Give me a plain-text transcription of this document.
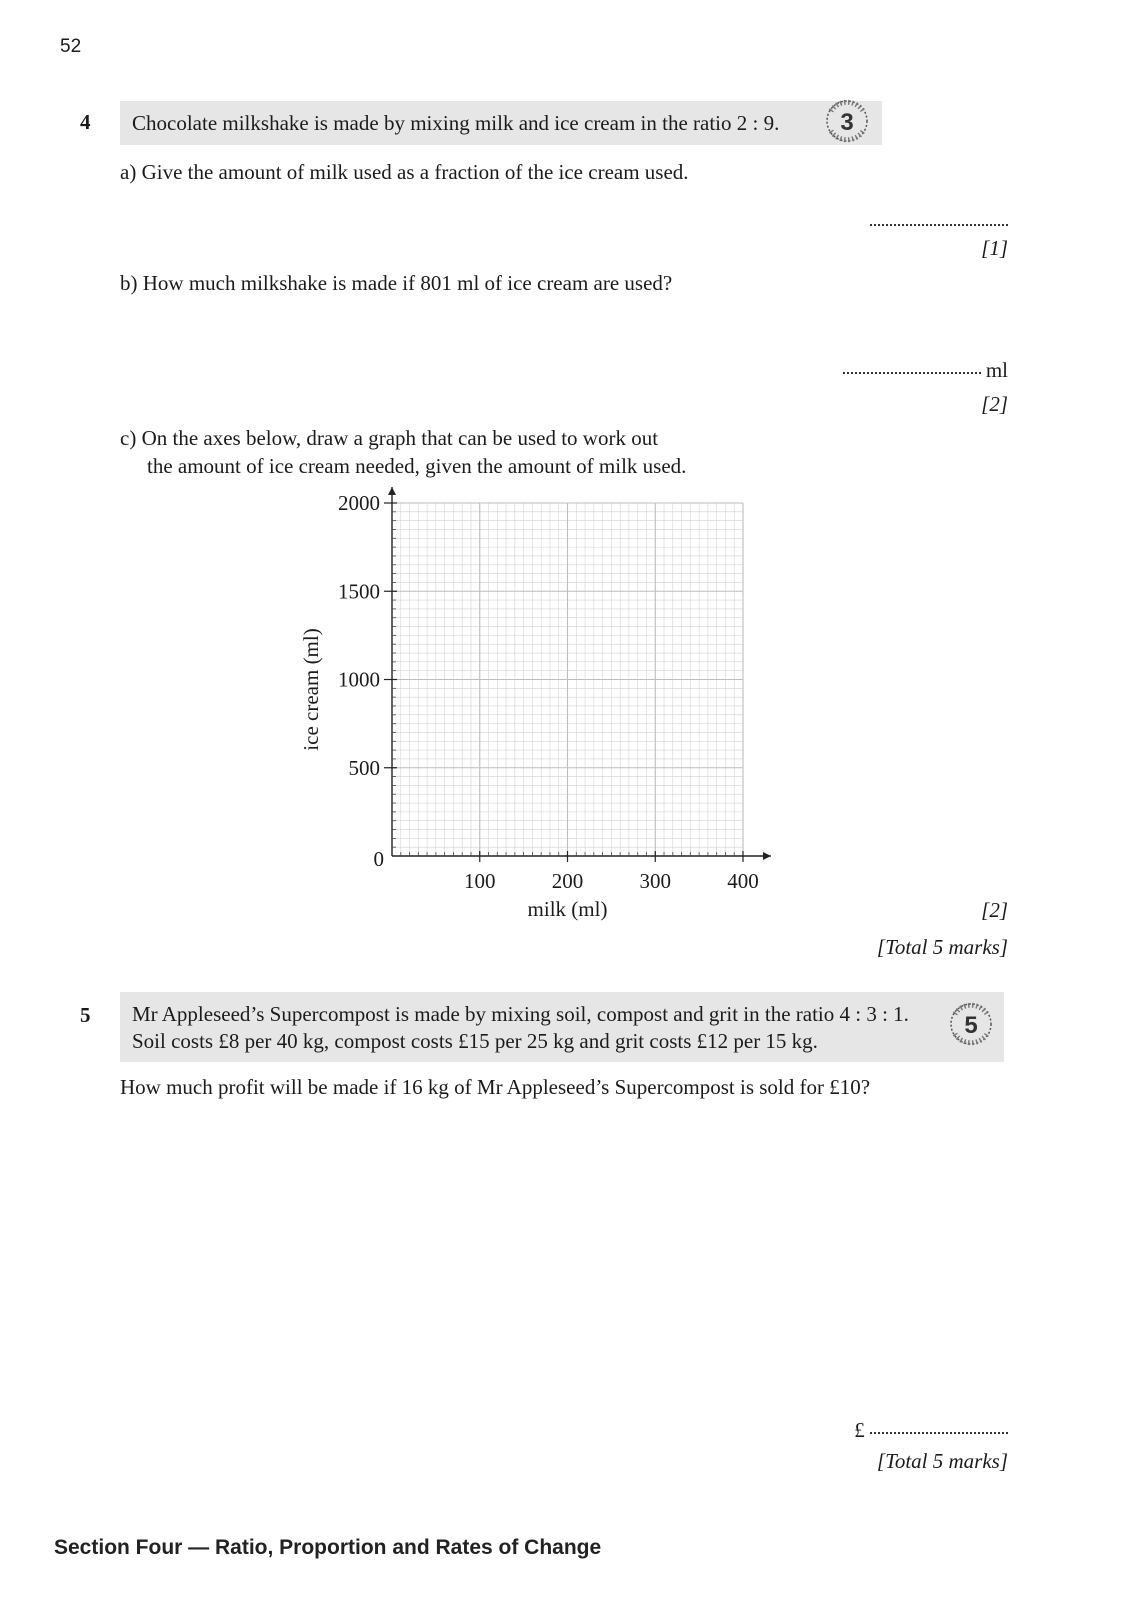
52
4	Chocolate milkshake is made by mixing milk and ice cream in the ratio 2 : 9.	3
a) Give the amount of milk used as a fraction of the ice cream used.
[1]
b) How much milkshake is made if 801 ml of ice cream are used?
ml
[2]
c) On the axes below, draw a graph that can be used to work out
the amount of ice cream needed, given the amount of milk used.
100	200	300	400
0
500
1000
1500
2000
milk (ml)
ice cream (ml)
[2]
[Total 5 marks]
5 Mr Appleseed’s Supercompost is made by mixing soil, compost and grit in the ratio 4 : 3 : 1.
Soil costs £8 per 40 kg, compost costs £15 per 25 kg and grit costs £12 per 15 kg.
5
How much profit will be made if 16 kg of Mr Appleseed’s Supercompost is sold for £10?
£
[Total 5 marks]
Section Four — Ratio, Proportion and Rates of Change
